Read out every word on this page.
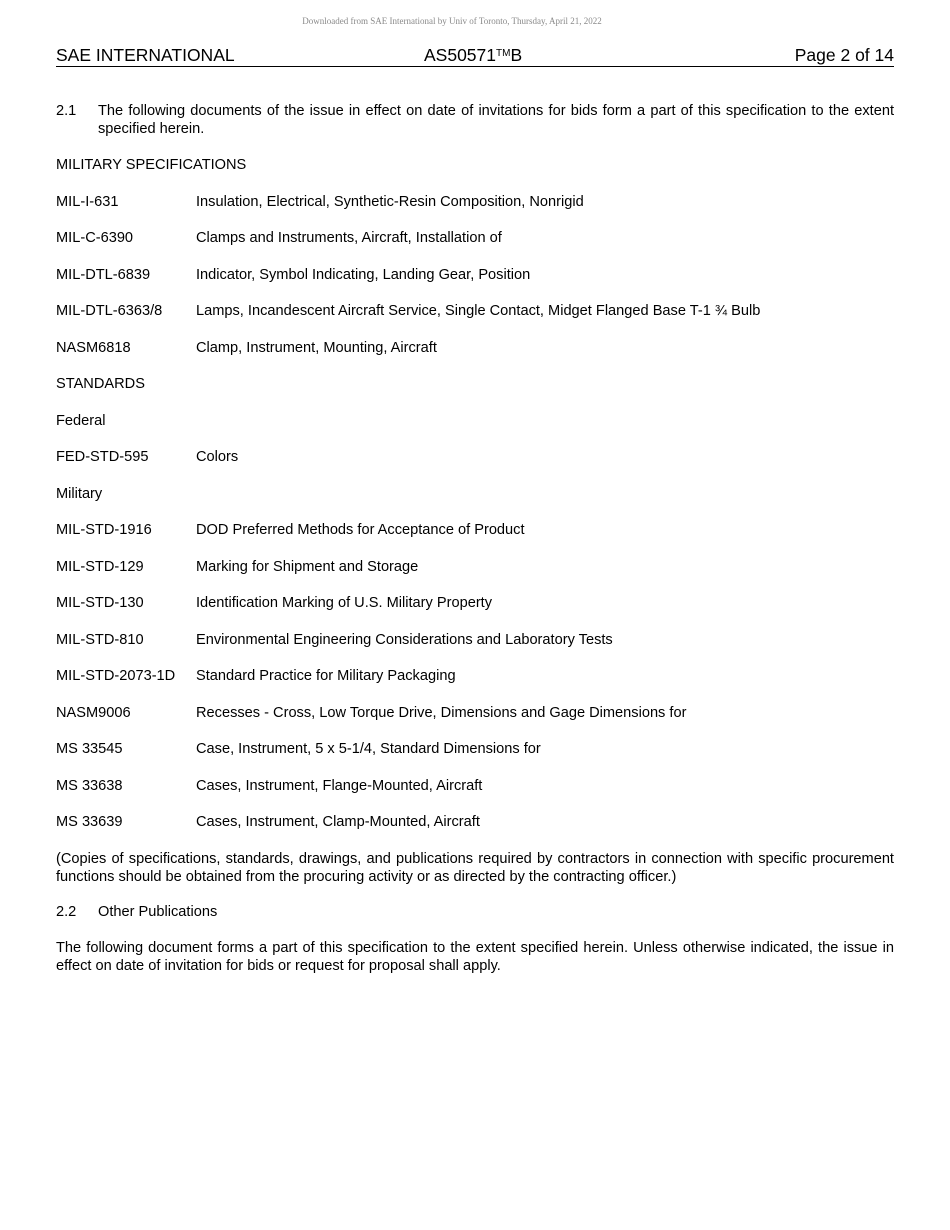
Downloaded from SAE International by Univ of Toronto, Thursday, April 21, 2022
SAE INTERNATIONAL	AS50571™B	Page 2 of 14
2.1	The following documents of the issue in effect on date of invitations for bids form a part of this specification to the extent specified herein.
MILITARY SPECIFICATIONS
MIL-I-631	Insulation, Electrical, Synthetic-Resin Composition, Nonrigid
MIL-C-6390	Clamps and Instruments, Aircraft, Installation of
MIL-DTL-6839	Indicator, Symbol Indicating, Landing Gear, Position
MIL-DTL-6363/8	Lamps, Incandescent Aircraft Service, Single Contact, Midget Flanged Base T-1 ¾ Bulb
NASM6818	Clamp, Instrument, Mounting, Aircraft
STANDARDS
Federal
FED-STD-595	Colors
Military
MIL-STD-1916	DOD Preferred Methods for Acceptance of Product
MIL-STD-129	Marking for Shipment and Storage
MIL-STD-130	Identification Marking of U.S. Military Property
MIL-STD-810	Environmental Engineering Considerations and Laboratory Tests
MIL-STD-2073-1D	Standard Practice for Military Packaging
NASM9006	Recesses - Cross, Low Torque Drive, Dimensions and Gage Dimensions for
MS 33545	Case, Instrument, 5 x 5-1/4, Standard Dimensions for
MS 33638	Cases, Instrument, Flange-Mounted, Aircraft
MS 33639	Cases, Instrument, Clamp-Mounted, Aircraft
(Copies of specifications, standards, drawings, and publications required by contractors in connection with specific procurement functions should be obtained from the procuring activity or as directed by the contracting officer.)
2.2	Other Publications
The following document forms a part of this specification to the extent specified herein. Unless otherwise indicated, the issue in effect on date of invitation for bids or request for proposal shall apply.
